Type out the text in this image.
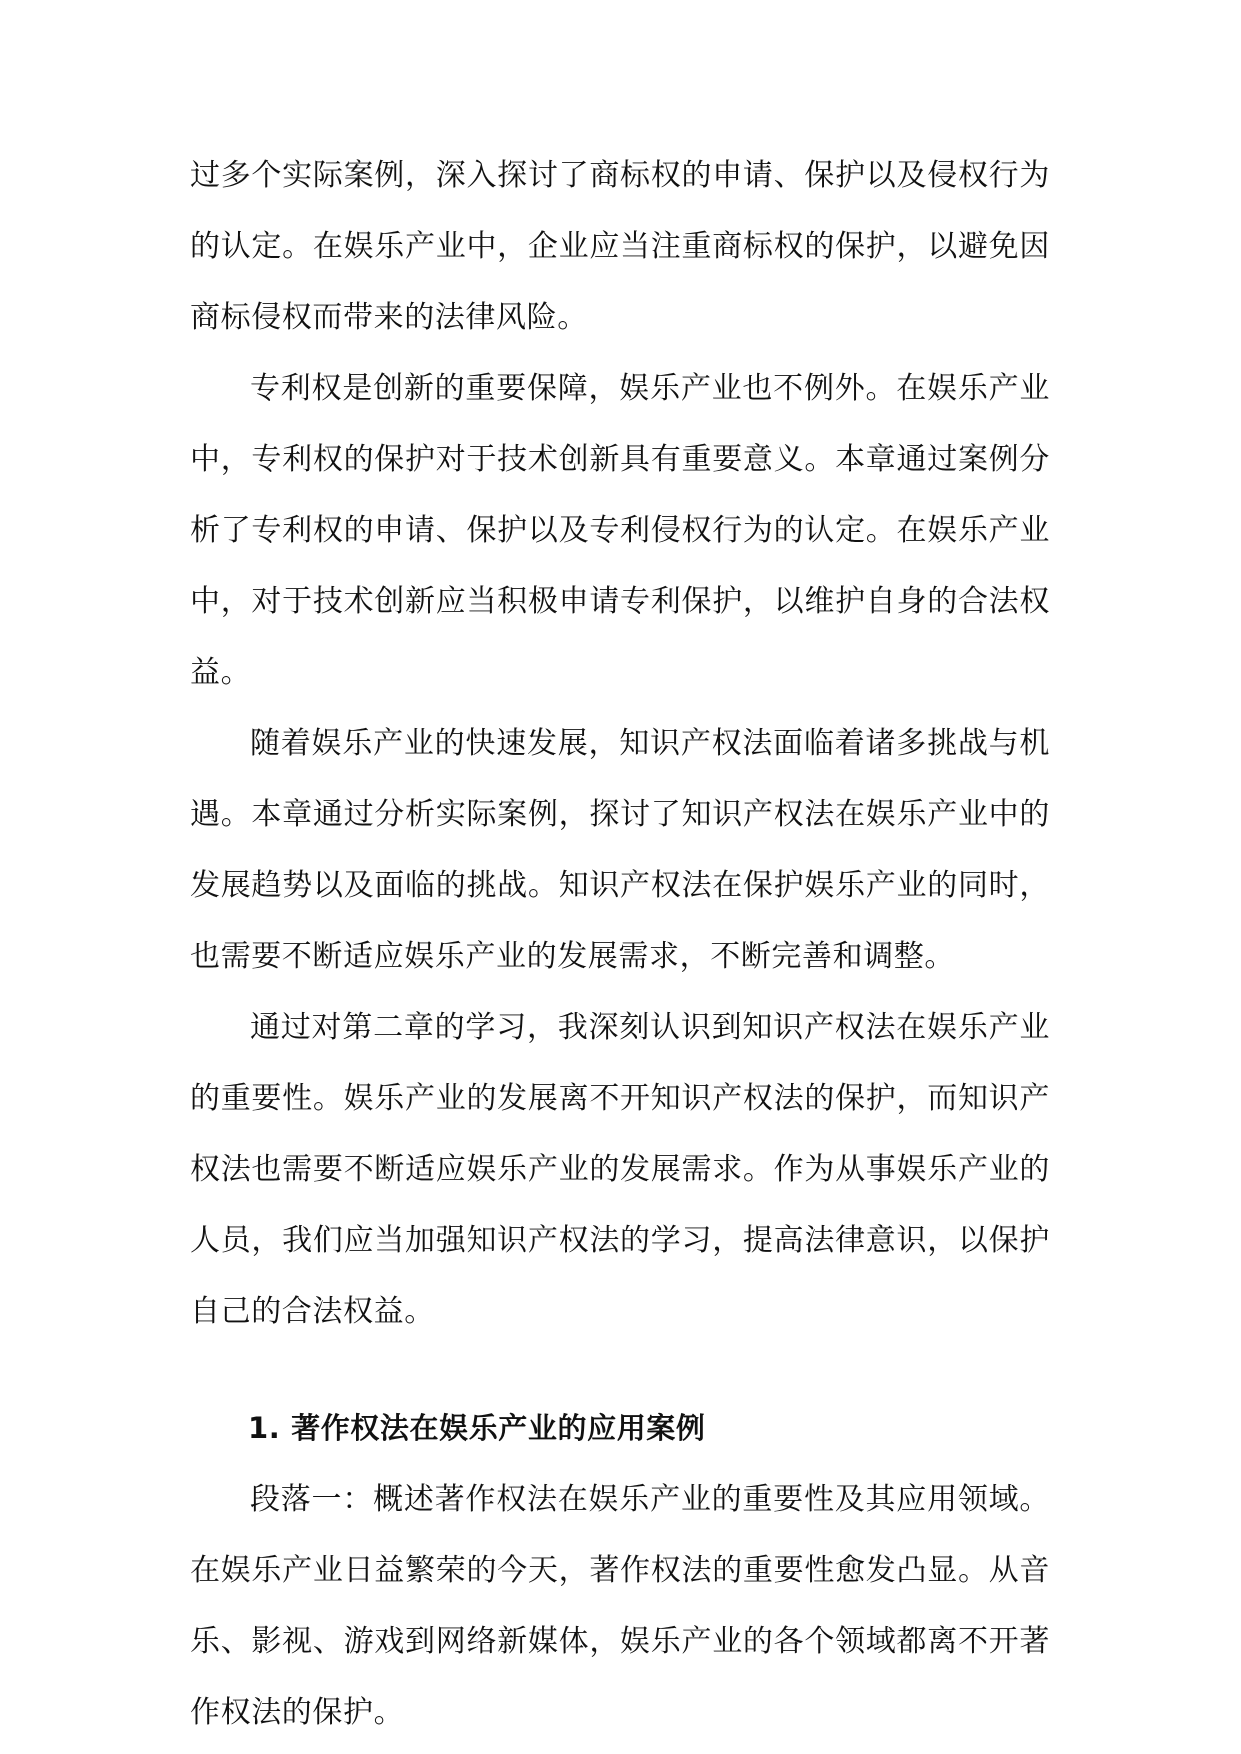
过多个实际案例，深入探讨了商标权的申请、保护以及侵权行为的认定。在娱乐产业中，企业应当注重商标权的保护，以避免因商标侵权而带来的法律风险。

专利权是创新的重要保障，娱乐产业也不例外。在娱乐产业中，专利权的保护对于技术创新具有重要意义。本章通过案例分析了专利权的申请、保护以及专利侵权行为的认定。在娱乐产业中，对于技术创新应当积极申请专利保护，以维护自身的合法权益。

随着娱乐产业的快速发展，知识产权法面临着诸多挑战与机遇。本章通过分析实际案例，探讨了知识产权法在娱乐产业中的发展趋势以及面临的挑战。知识产权法在保护娱乐产业的同时，也需要不断适应娱乐产业的发展需求，不断完善和调整。

通过对第二章的学习，我深刻认识到知识产权法在娱乐产业的重要性。娱乐产业的发展离不开知识产权法的保护，而知识产权法也需要不断适应娱乐产业的发展需求。作为从事娱乐产业的人员，我们应当加强知识产权法的学习，提高法律意识，以保护自己的合法权益。

1. 著作权法在娱乐产业的应用案例

段落一：概述著作权法在娱乐产业的重要性及其应用领域。在娱乐产业日益繁荣的今天，著作权法的重要性愈发凸显。从音乐、影视、游戏到网络新媒体，娱乐产业的各个领域都离不开著作权法的保护。
